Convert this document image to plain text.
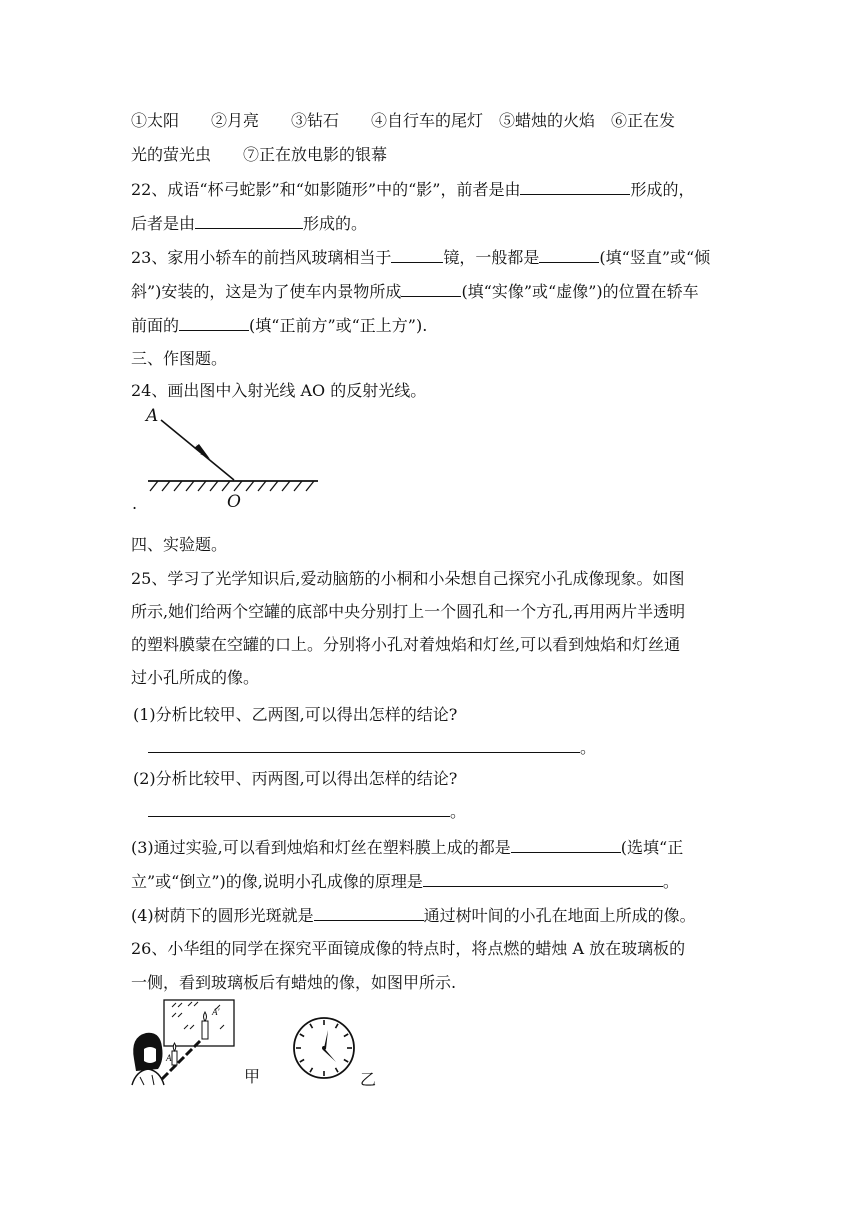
①太阳　　②月亮　　③钻石　　④自行车的尾灯　⑤蜡烛的火焰　⑥正在发
光的萤光虫　　⑦正在放电影的银幕
22、成语“杯弓蛇影”和“如影随形”中的“影”，前者是由	形成的，
后者是由	形成的。
23、家用小轿车的前挡风玻璃相当于	镜，一般都是	(填“竖直”或“倾
斜”)安装的，这是为了使车内景物所成	(填“实像”或“虚像”)的位置在轿车
前面的	(填“正前方”或“正上方”).
三、作图题。
24、画出图中入射光线 AO 的反射光线。
A
O
.
四、实验题。
25、学习了光学知识后,爱动脑筋的小桐和小朵想自己探究小孔成像现象。如图
所示,她们给两个空罐的底部中央分别打上一个圆孔和一个方孔,再用两片半透明
的塑料膜蒙在空罐的口上。分别将小孔对着烛焰和灯丝,可以看到烛焰和灯丝通
过小孔所成的像。
(1)分析比较甲、乙两图,可以得出怎样的结论?
。
(2)分析比较甲、丙两图,可以得出怎样的结论?
。
(3)通过实验,可以看到烛焰和灯丝在塑料膜上成的都是	(选填“正
立”或“倒立”)的像,说明小孔成像的原理是	。
(4)树荫下的圆形光斑就是	通过树叶间的小孔在地面上所成的像。
26、小华组的同学在探究平面镜成像的特点时，将点燃的蜡烛 A 放在玻璃板的
一侧，看到玻璃板后有蜡烛的像，如图甲所示.
A′
A
甲	乙
